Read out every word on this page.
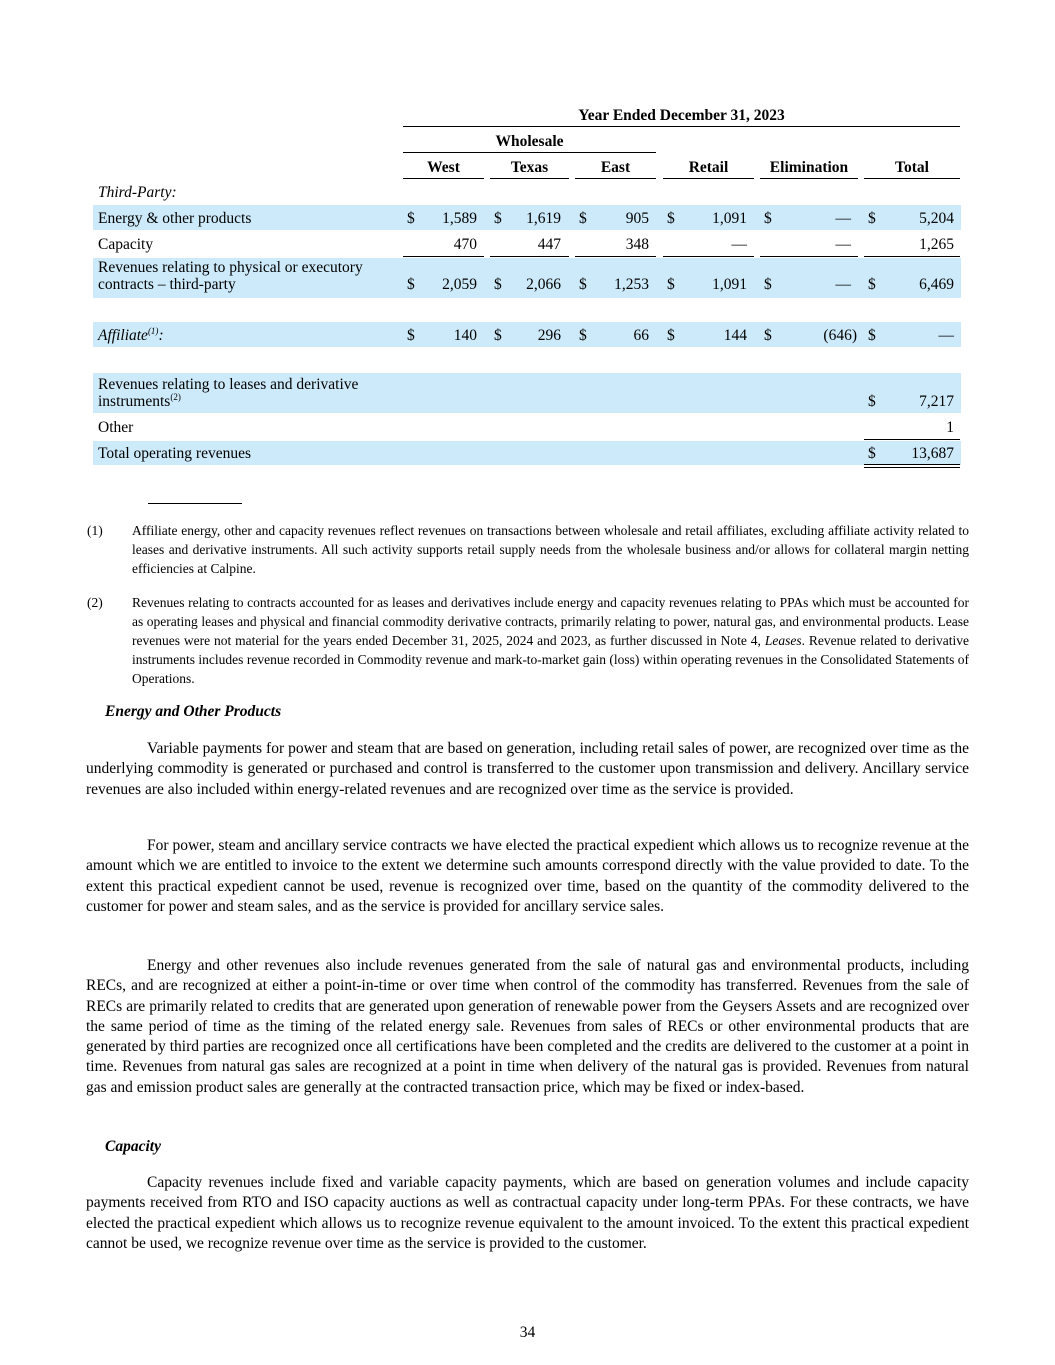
Year Ended December 31, 2023
Wholesale
West	Texas	East	Retail	Elimination	Total
Third-Party:
Energy & other products	$	1,589 $	1,619 $	905 $	1,091 $	— $	5,204
Capacity	470	447	348	—	—	1,265
Revenues relating to physical or executory
contracts – third-party	$	2,059 $	2,066 $	1,253 $	1,091 $	— $	6,469
Affiliate$^{(1)}$:	$	140 $	296 $	66 $	144 $	(646) $	—
Revenues relating to leases and derivative
instruments$^{(2)}$	$	7,217
Other	1
Total operating revenues	$	13,687
(1) Affiliate energy, other and capacity revenues reflect revenues on transactions between wholesale and retail affiliates, excluding affiliate activity related to leases and derivative instruments. All such activity supports retail supply needs from the wholesale business and/or allows for collateral margin netting efficiencies at Calpine.
(2) Revenues relating to contracts accounted for as leases and derivatives include energy and capacity revenues relating to PPAs which must be accounted for as operating leases and physical and financial commodity derivative contracts, primarily relating to power, natural gas, and environmental products. Lease revenues were not material for the years ended December 31, 2025, 2024 and 2023, as further discussed in Note 4, Leases. Revenue related to derivative instruments includes revenue recorded in Commodity revenue and mark-to-market gain (loss) within operating revenues in the Consolidated Statements of Operations.
Energy and Other Products
Variable payments for power and steam that are based on generation, including retail sales of power, are recognized over time as the underlying commodity is generated or purchased and control is transferred to the customer upon transmission and delivery. Ancillary service revenues are also included within energy-related revenues and are recognized over time as the service is provided.
For power, steam and ancillary service contracts we have elected the practical expedient which allows us to recognize revenue at the amount which we are entitled to invoice to the extent we determine such amounts correspond directly with the value provided to date. To the extent this practical expedient cannot be used, revenue is recognized over time, based on the quantity of the commodity delivered to the customer for power and steam sales, and as the service is provided for ancillary service sales.
Energy and other revenues also include revenues generated from the sale of natural gas and environmental products, including RECs, and are recognized at either a point-in-time or over time when control of the commodity has transferred. Revenues from the sale of RECs are primarily related to credits that are generated upon generation of renewable power from the Geysers Assets and are recognized over the same period of time as the timing of the related energy sale. Revenues from sales of RECs or other environmental products that are generated by third parties are recognized once all certifications have been completed and the credits are delivered to the customer at a point in time. Revenues from natural gas sales are recognized at a point in time when delivery of the natural gas is provided. Revenues from natural gas and emission product sales are generally at the contracted transaction price, which may be fixed or index-based.
Capacity
Capacity revenues include fixed and variable capacity payments, which are based on generation volumes and include capacity payments received from RTO and ISO capacity auctions as well as contractual capacity under long-term PPAs. For these contracts, we have elected the practical expedient which allows us to recognize revenue equivalent to the amount invoiced. To the extent this practical expedient cannot be used, we recognize revenue over time as the service is provided to the customer.
34
